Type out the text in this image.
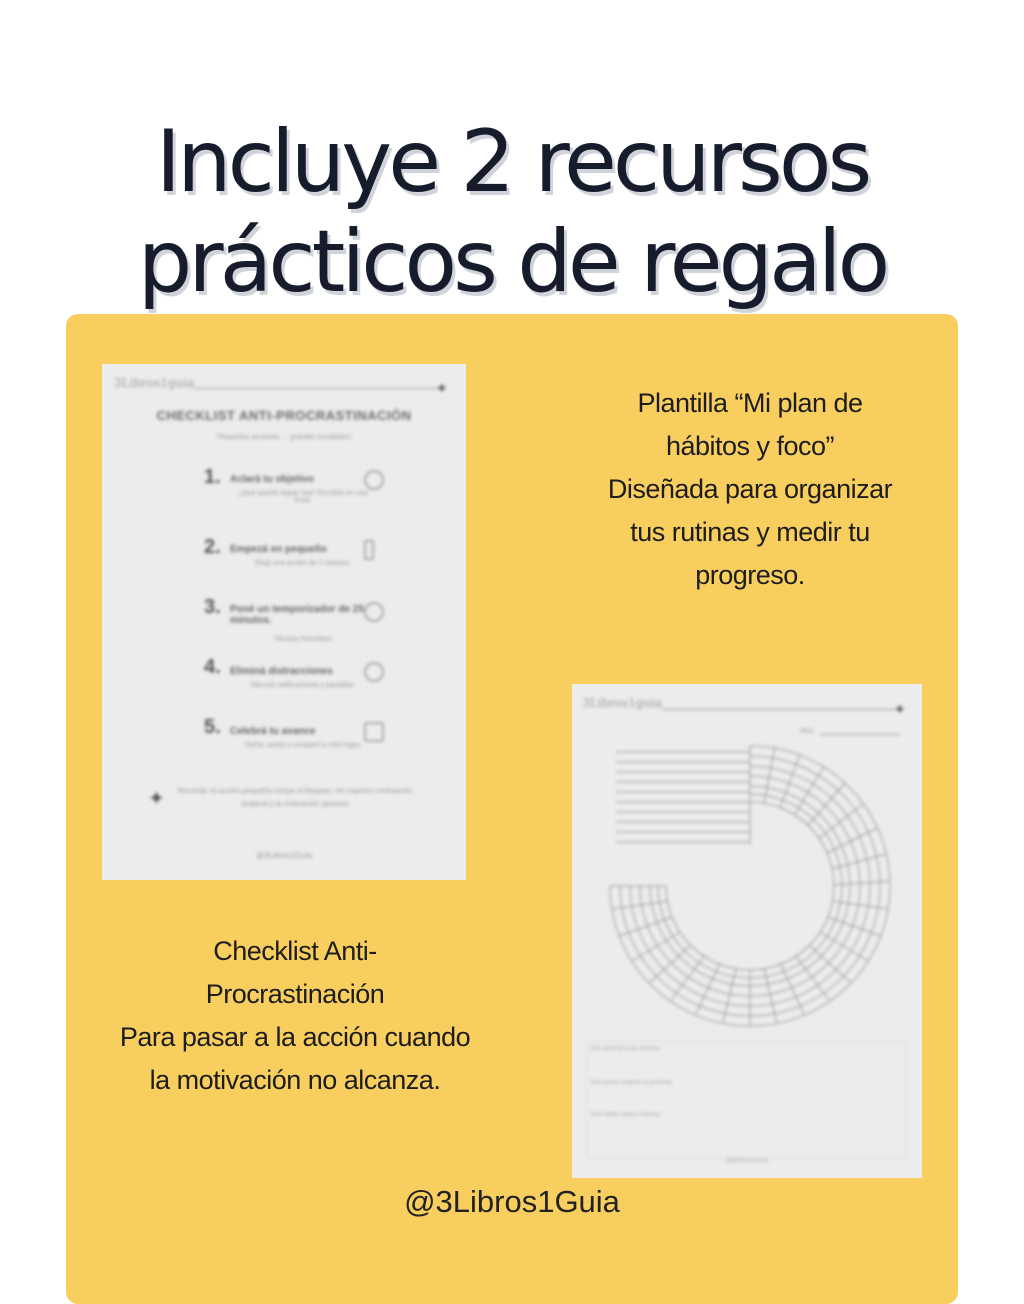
Incluye 2 recursos
prácticos de regalo
3Libros1guia	✦
CHECKLIST ANTI-PROCRASTINACIÓN
"Pequeñas acciones → grandes resultados"
1. Aclará tu objetivo
¿Qué querés lograr hoy? Escribilo en una línea.
2. Empezá en pequeño
Elegí una acción de 2 minutos.
3. Poné un temporizador de 25 minutos.
Técnica Pomodoro
4. Eliminá distracciones
Silenciá notificaciones y pantallas.
5. Celebrá tu avance
Tachá, anotá o compartí tu mini logro.
✦ Recordá: la acción pequeña rompe el bloqueo. No esperes motivación, empezá y la motivación aparece.
@3Libros1Guia
3Libros1guia	✦
MES:
Qué aprendí esta semana:
Qué puedo mejorar la próxima:
Qué hábito quiero reforzar:
@3Libros1Guia
Plantilla “Mi plan de
hábitos y foco”
Diseñada para organizar
tus rutinas y medir tu
progreso.
Checklist Anti-
Procrastinación
Para pasar a la acción cuando
la motivación no alcanza.
@3Libros1Guia
